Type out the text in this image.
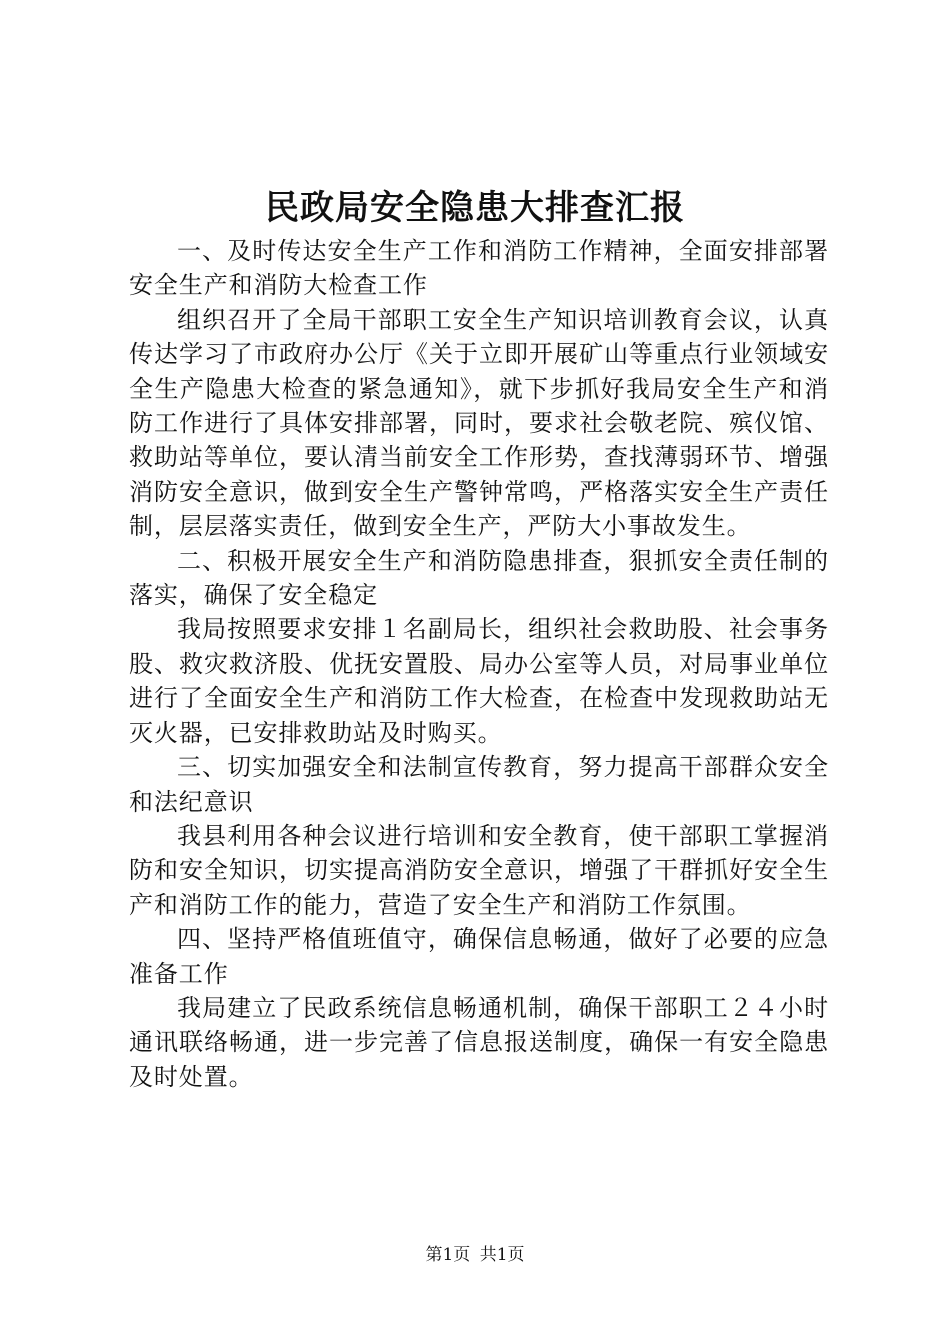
民政局安全隐患大排查汇报

一、及时传达安全生产工作和消防工作精神，全面安排部署安全生产和消防大检查工作

组织召开了全局干部职工安全生产知识培训教育会议，认真传达学习了市政府办公厅《关于立即开展矿山等重点行业领域安全生产隐患大检查的紧急通知》，就下步抓好我局安全生产和消防工作进行了具体安排部署，同时，要求社会敬老院、殡仪馆、救助站等单位，要认清当前安全工作形势，查找薄弱环节、增强消防安全意识，做到安全生产警钟常鸣，严格落实安全生产责任制，层层落实责任，做到安全生产，严防大小事故发生。

二、积极开展安全生产和消防隐患排查，狠抓安全责任制的落实，确保了安全稳定

我局按照要求安排１名副局长，组织社会救助股、社会事务股、救灾救济股、优抚安置股、局办公室等人员，对局事业单位进行了全面安全生产和消防工作大检查，在检查中发现救助站无灭火器，已安排救助站及时购买。

三、切实加强安全和法制宣传教育，努力提高干部群众安全和法纪意识

我县利用各种会议进行培训和安全教育，使干部职工掌握消防和安全知识，切实提高消防安全意识，增强了干群抓好安全生产和消防工作的能力，营造了安全生产和消防工作氛围。

四、坚持严格值班值守，确保信息畅通，做好了必要的应急准备工作

我局建立了民政系统信息畅通机制，确保干部职工２４小时通讯联络畅通，进一步完善了信息报送制度，确保一有安全隐患及时处置。

第1页 共1页
